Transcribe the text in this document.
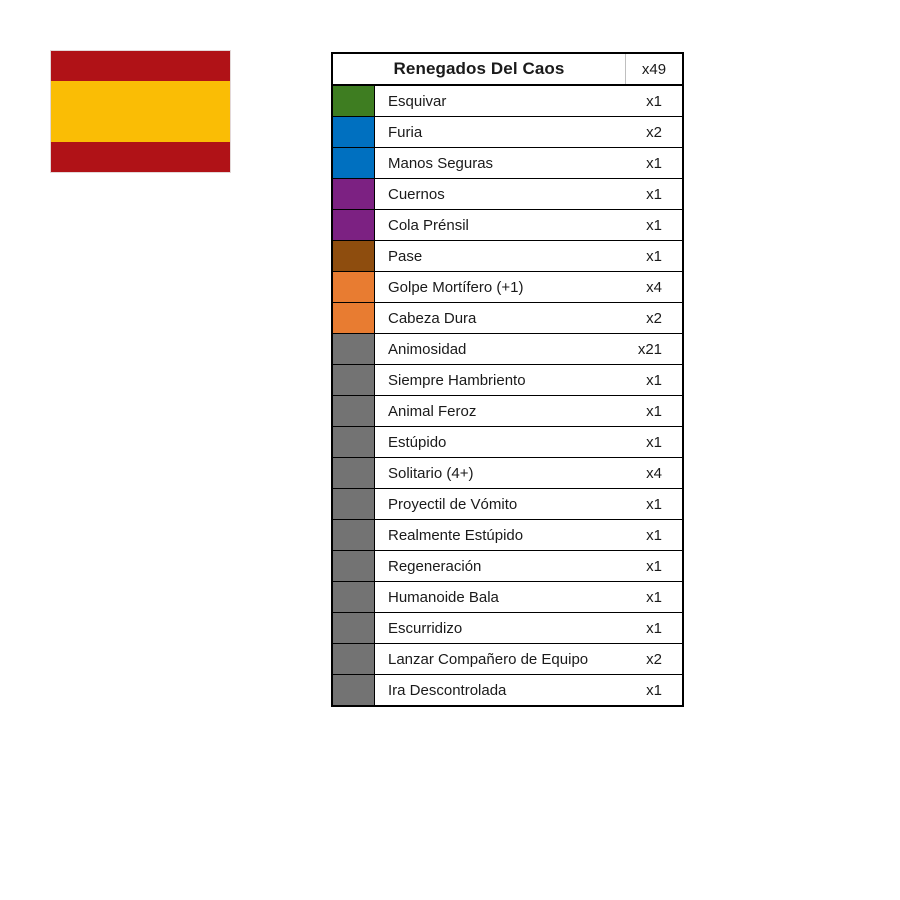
Renegados Del Caos	x49
Esquivar	x1
Furia	x2
Manos Seguras	x1
Cuernos	x1
Cola Prénsil	x1
Pase	x1
Golpe Mortífero (+1)	x4
Cabeza Dura	x2
Animosidad	x21
Siempre Hambriento	x1
Animal Feroz	x1
Estúpido	x1
Solitario (4+)	x4
Proyectil de Vómito	x1
Realmente Estúpido	x1
Regeneración	x1
Humanoide Bala	x1
Escurridizo	x1
Lanzar Compañero de Equipo	x2
Ira Descontrolada	x1
